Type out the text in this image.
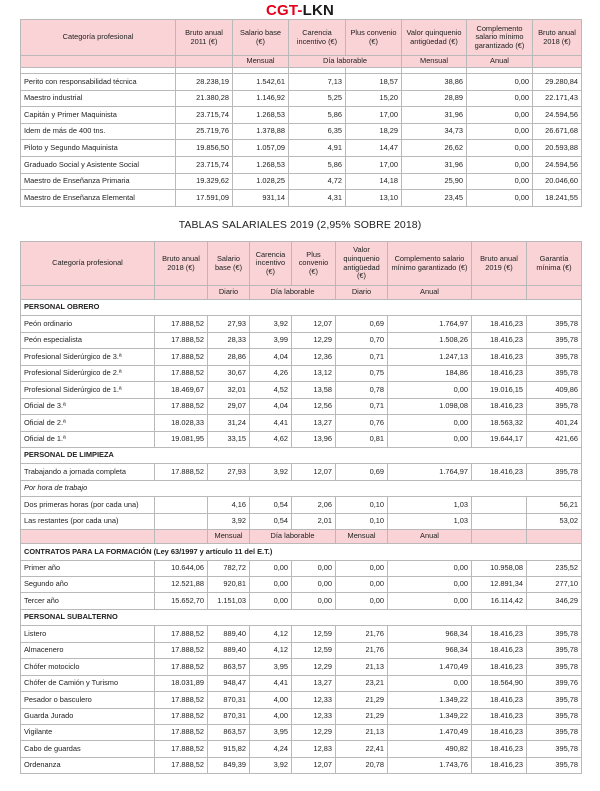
CGT-LKN
Categoría profesional	Bruto anual 2011 (€)	Salario base (€)	Carencia incentivo (€)	Plus convenio (€)	Valor quinquenio antigüedad (€)	Complemento salario mínimo garantizado (€)	Bruto anual 2018 (€)
		Mensual	Día laborable		Mensual	Anual	

Perito con responsabilidad técnica	28.238,19	1.542,61	7,13	18,57	38,86	0,00	29.280,84
Maestro industrial	21.380,28	1.146,92	5,25	15,20	28,89	0,00	22.171,43
Capitán y Primer Maquinista	23.715,74	1.268,53	5,86	17,00	31,96	0,00	24.594,56
Idem de más de 400 tns.	25.719,76	1.378,88	6,35	18,29	34,73	0,00	26.671,68
Piloto y Segundo Maquinista	19.856,50	1.057,09	4,91	14,47	26,62	0,00	20.593,88
Graduado Social y Asistente Social	23.715,74	1.268,53	5,86	17,00	31,96	0,00	24.594,56
Maestro de Enseñanza Primaria	19.329,62	1.028,25	4,72	14,18	25,90	0,00	20.046,60
Maestro de Enseñanza Elemental	17.591,09	931,14	4,31	13,10	23,45	0,00	18.241,55
TABLAS SALARIALES 2019 (2,95% SOBRE 2018)
Categoría profesional	Bruto anual 2018 (€)	Salario base (€)	Carencia incentivo (€)	Plus convenio (€)	Valor quinquenio antigüedad (€)	Complemento salario mínimo garantizado (€)	Bruto anual 2019 (€)	Garantía mínima (€)
		Diario	Día laborable		Diario	Anual		
PERSONAL OBRERO								
Peón ordinario	17.888,52	27,93	3,92	12,07	0,69	1.764,97	18.416,23	395,78
Peón especialista	17.888,52	28,33	3,99	12,29	0,70	1.508,26	18.416,23	395,78
Profesional Siderúrgico de 3.ª	17.888,52	28,86	4,04	12,36	0,71	1.247,13	18.416,23	395,78
Profesional Siderúrgico de 2.ª	17.888,52	30,67	4,26	13,12	0,75	184,86	18.416,23	395,78
Profesional Siderúrgico de 1.ª	18.469,67	32,01	4,52	13,58	0,78	0,00	19.016,15	409,86
Oficial de 3.ª	17.888,52	29,07	4,04	12,56	0,71	1.098,08	18.416,23	395,78
Oficial de 2.ª	18.028,33	31,24	4,41	13,27	0,76	0,00	18.563,32	401,24
Oficial de 1.ª	19.081,95	33,15	4,62	13,96	0,81	0,00	19.644,17	421,66
PERSONAL DE LIMPIEZA								
Trabajando a jornada completa	17.888,52	27,93	3,92	12,07	0,69	1.764,97	18.416,23	395,78
Por hora de trabajo								
Dos primeras horas (por cada una)		4,16	0,54	2,06	0,10	1,03		56,21
Las restantes (por cada una)		3,92	0,54	2,01	0,10	1,03		53,02
		Mensual	Día laborable		Mensual	Anual		
CONTRATOS PARA LA FORMACIÓN (Ley 63/1997 y artículo 11 del E.T.)								
Primer año	10.644,06	782,72	0,00	0,00	0,00	0,00	10.958,08	235,52
Segundo año	12.521,88	920,81	0,00	0,00	0,00	0,00	12.891,34	277,10
Tercer año	15.652,70	1.151,03	0,00	0,00	0,00	0,00	16.114,42	346,29
PERSONAL SUBALTERNO								
Listero	17.888,52	889,40	4,12	12,59	21,76	968,34	18.416,23	395,78
Almacenero	17.888,52	889,40	4,12	12,59	21,76	968,34	18.416,23	395,78
Chófer motociclo	17.888,52	863,57	3,95	12,29	21,13	1.470,49	18.416,23	395,78
Chófer de Camión y Turismo	18.031,89	948,47	4,41	13,27	23,21	0,00	18.564,90	399,76
Pesador o basculero	17.888,52	870,31	4,00	12,33	21,29	1.349,22	18.416,23	395,78
Guarda Jurado	17.888,52	870,31	4,00	12,33	21,29	1.349,22	18.416,23	395,78
Vigilante	17.888,52	863,57	3,95	12,29	21,13	1.470,49	18.416,23	395,78
Cabo de guardas	17.888,52	915,82	4,24	12,83	22,41	490,82	18.416,23	395,78
Ordenanza	17.888,52	849,39	3,92	12,07	20,78	1.743,76	18.416,23	395,78
